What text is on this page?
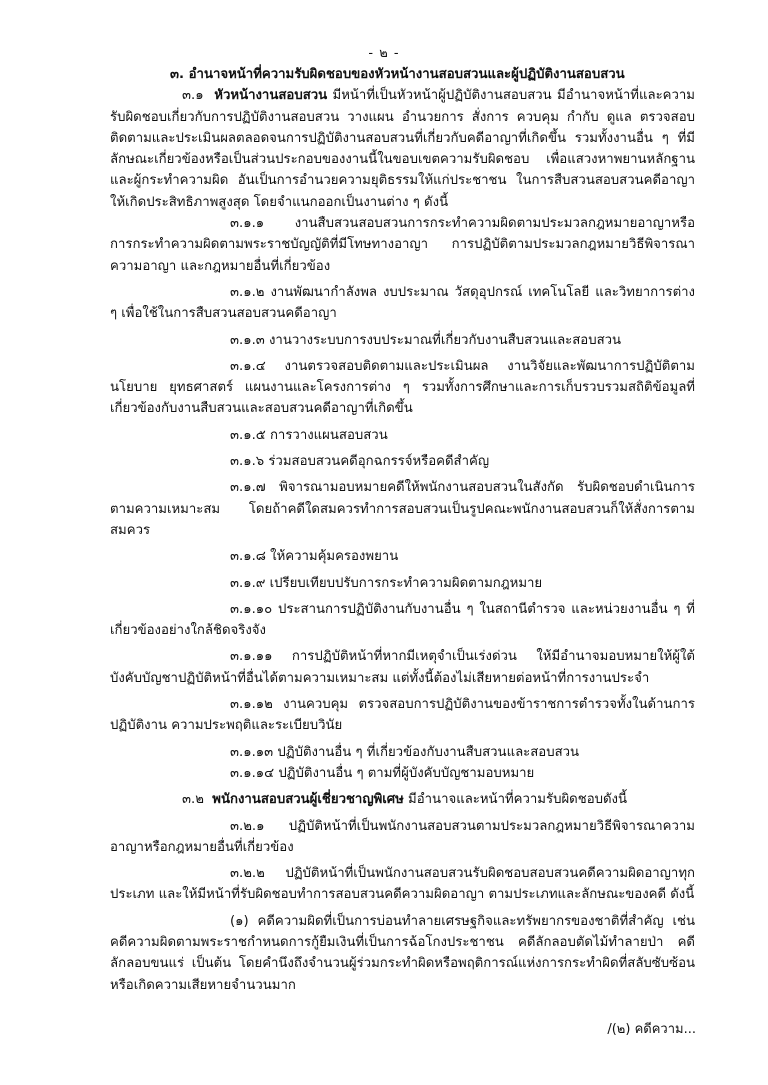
- ๒ -

๓. อำนาจหน้าที่ความรับผิดชอบของหัวหน้างานสอบสวนและผู้ปฏิบัติงานสอบสวน

๓.๑ หัวหน้างานสอบสวน มีหน้าที่เป็นหัวหน้าผู้ปฏิบัติงานสอบสวน มีอำนาจหน้าที่และความรับผิดชอบเกี่ยวกับการปฏิบัติงานสอบสวน วางแผน อำนวยการ สั่งการ ควบคุม กำกับ ดูแล ตรวจสอบ ติดตามและประเมินผลตลอดจนการปฏิบัติงานสอบสวนที่เกี่ยวกับคดีอาญาที่เกิดขึ้น รวมทั้งงานอื่น ๆ ที่มีลักษณะเกี่ยวข้องหรือเป็นส่วนประกอบของงานนี้ในขอบเขตความรับผิดชอบ เพื่อแสวงหาพยานหลักฐานและผู้กระทำความผิด อันเป็นการอำนวยความยุติธรรมให้แก่ประชาชน ในการสืบสวนสอบสวนคดีอาญาให้เกิดประสิทธิภาพสูงสุด โดยจำแนกออกเป็นงานต่าง ๆ ดังนี้

๓.๑.๑ งานสืบสวนสอบสวนการกระทำความผิดตามประมวลกฎหมายอาญาหรือการกระทำความผิดตามพระราชบัญญัติที่มีโทษทางอาญา การปฏิบัติตามประมวลกฎหมายวิธีพิจารณาความอาญา และกฎหมายอื่นที่เกี่ยวข้อง

๓.๑.๒ งานพัฒนากำลังพล งบประมาณ วัสดุอุปกรณ์ เทคโนโลยี และวิทยาการต่าง ๆ เพื่อใช้ในการสืบสวนสอบสวนคดีอาญา

๓.๑.๓ งานวางระบบการงบประมาณที่เกี่ยวกับงานสืบสวนและสอบสวน

๓.๑.๔ งานตรวจสอบติดตามและประเมินผล งานวิจัยและพัฒนาการปฏิบัติตามนโยบาย ยุทธศาสตร์ แผนงานและโครงการต่าง ๆ รวมทั้งการศึกษาและการเก็บรวบรวมสถิติข้อมูลที่เกี่ยวข้องกับงานสืบสวนและสอบสวนคดีอาญาที่เกิดขึ้น

๓.๑.๕ การวางแผนสอบสวน

๓.๑.๖ ร่วมสอบสวนคดีอุกฉกรรจ์หรือคดีสำคัญ

๓.๑.๗ พิจารณามอบหมายคดีให้พนักงานสอบสวนในสังกัด รับผิดชอบดำเนินการตามความเหมาะสม โดยถ้าคดีใดสมควรทำการสอบสวนเป็นรูปคณะพนักงานสอบสวนก็ให้สั่งการตามสมควร

๓.๑.๘ ให้ความคุ้มครองพยาน

๓.๑.๙ เปรียบเทียบปรับการกระทำความผิดตามกฎหมาย

๓.๑.๑๐ ประสานการปฏิบัติงานกับงานอื่น ๆ ในสถานีตำรวจ และหน่วยงานอื่น ๆ ที่เกี่ยวข้องอย่างใกล้ชิดจริงจัง

๓.๑.๑๑ การปฏิบัติหน้าที่หากมีเหตุจำเป็นเร่งด่วน ให้มีอำนาจมอบหมายให้ผู้ใต้บังคับบัญชาปฏิบัติหน้าที่อื่นได้ตามความเหมาะสม แต่ทั้งนี้ต้องไม่เสียหายต่อหน้าที่การงานประจำ

๓.๑.๑๒ งานควบคุม ตรวจสอบการปฏิบัติงานของข้าราชการตำรวจทั้งในด้านการปฏิบัติงาน ความประพฤติและระเบียบวินัย

๓.๑.๑๓ ปฏิบัติงานอื่น ๆ ที่เกี่ยวข้องกับงานสืบสวนและสอบสวน

๓.๑.๑๔ ปฏิบัติงานอื่น ๆ ตามที่ผู้บังคับบัญชามอบหมาย

๓.๒ พนักงานสอบสวนผู้เชี่ยวชาญพิเศษ มีอำนาจและหน้าที่ความรับผิดชอบดังนี้

๓.๒.๑ ปฏิบัติหน้าที่เป็นพนักงานสอบสวนตามประมวลกฎหมายวิธีพิจารณาความอาญาหรือกฎหมายอื่นที่เกี่ยวข้อง

๓.๒.๒ ปฏิบัติหน้าที่เป็นพนักงานสอบสวนรับผิดชอบสอบสวนคดีความผิดอาญาทุกประเภท และให้มีหน้าที่รับผิดชอบทำการสอบสวนคดีความผิดอาญา ตามประเภทและลักษณะของคดี ดังนี้

(๑) คดีความผิดที่เป็นการบ่อนทำลายเศรษฐกิจและทรัพยากรของชาติที่สำคัญ เช่น คดีความผิดตามพระราชกำหนดการกู้ยืมเงินที่เป็นการฉ้อโกงประชาชน คดีลักลอบตัดไม้ทำลายป่า คดีลักลอบขนแร่ เป็นต้น โดยคำนึงถึงจำนวนผู้ร่วมกระทำผิดหรือพฤติการณ์แห่งการกระทำผิดที่สลับซับซ้อนหรือเกิดความเสียหายจำนวนมาก

/(๒) คดีความ...
